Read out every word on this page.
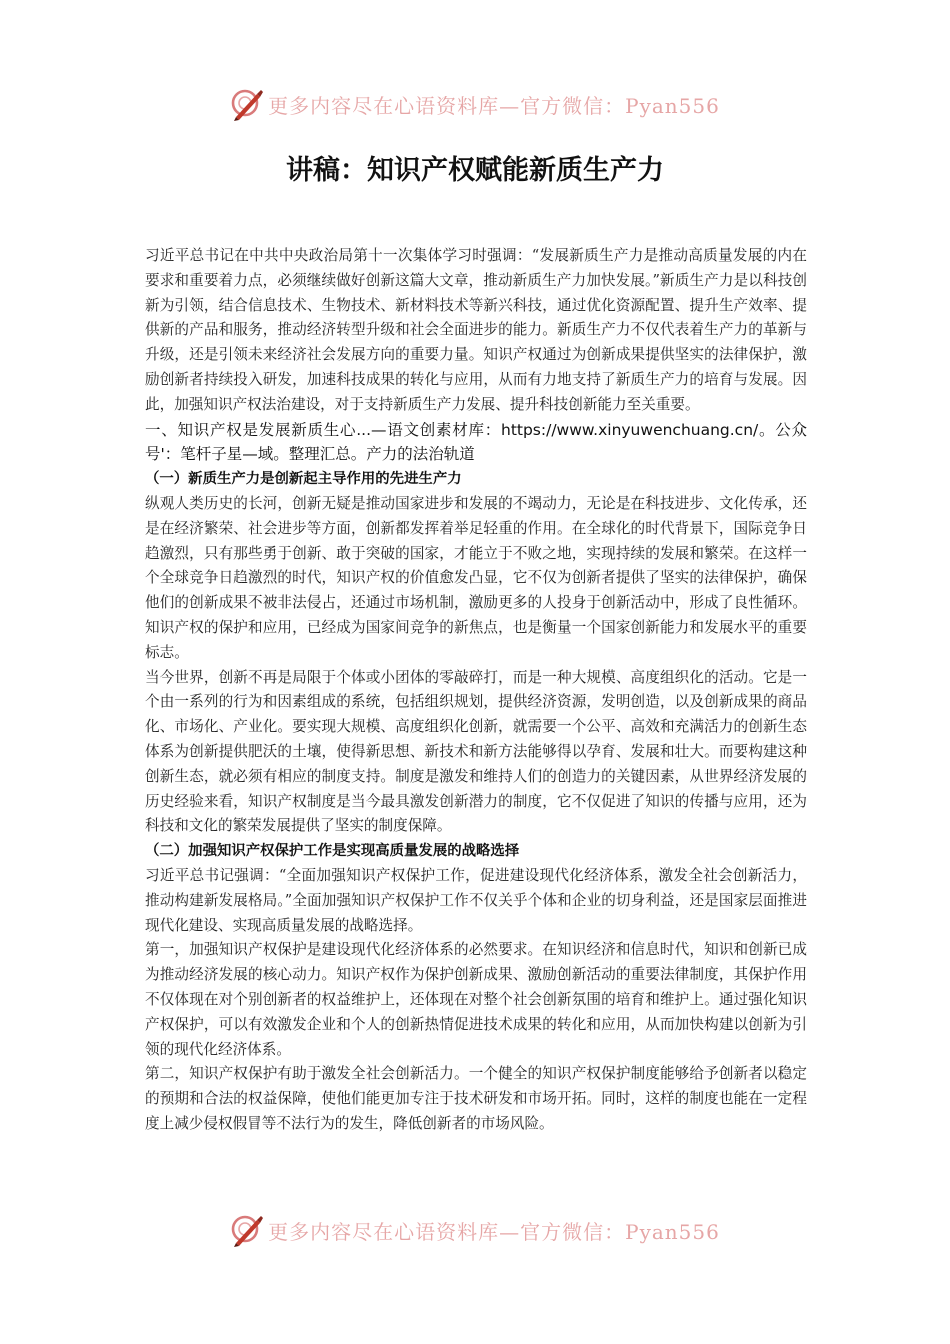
更多内容尽在心语资料库—官方微信：Pyan556
讲稿：知识产权赋能新质生产力

习近平总书记在中共中央政治局第十一次集体学习时强调：“发展新质生产力是推动高质量发展的内在要求和重要着力点，必须继续做好创新这篇大文章，推动新质生产力加快发展。”新质生产力是以科技创新为引领，结合信息技术、生物技术、新材料技术等新兴科技，通过优化资源配置、提升生产效率、提供新的产品和服务，推动经济转型升级和社会全面进步的能力。新质生产力不仅代表着生产力的革新与升级，还是引领未来经济社会发展方向的重要力量。知识产权通过为创新成果提供坚实的法律保护，激励创新者持续投入研发，加速科技成果的转化与应用，从而有力地支持了新质生产力的培育与发展。因此，加强知识产权法治建设，对于支持新质生产力发展、提升科技创新能力至关重要。

一、知识产权是发展新质生心...—语文创素材库：https://www.xinyuwenchuang.cn/。公众号'：笔杆子星—域。整理汇总。产力的法治轨道

（一）新质生产力是创新起主导作用的先进生产力

纵观人类历史的长河，创新无疑是推动国家进步和发展的不竭动力，无论是在科技进步、文化传承，还是在经济繁荣、社会进步等方面，创新都发挥着举足轻重的作用。在全球化的时代背景下，国际竞争日趋激烈，只有那些勇于创新、敢于突破的国家，才能立于不败之地，实现持续的发展和繁荣。在这样一个全球竞争日趋激烈的时代，知识产权的价值愈发凸显，它不仅为创新者提供了坚实的法律保护，确保他们的创新成果不被非法侵占，还通过市场机制，激励更多的人投身于创新活动中，形成了良性循环。知识产权的保护和应用，已经成为国家间竞争的新焦点，也是衡量一个国家创新能力和发展水平的重要标志。

当今世界，创新不再是局限于个体或小团体的零敲碎打，而是一种大规模、高度组织化的活动。它是一个由一系列的行为和因素组成的系统，包括组织规划，提供经济资源，发明创造，以及创新成果的商品化、市场化、产业化。要实现大规模、高度组织化创新，就需要一个公平、高效和充满活力的创新生态体系为创新提供肥沃的土壤，使得新思想、新技术和新方法能够得以孕育、发展和壮大。而要构建这种创新生态，就必须有相应的制度支持。制度是激发和维持人们的创造力的关键因素，从世界经济发展的历史经验来看，知识产权制度是当今最具激发创新潜力的制度，它不仅促进了知识的传播与应用，还为科技和文化的繁荣发展提供了坚实的制度保障。

（二）加强知识产权保护工作是实现高质量发展的战略选择

习近平总书记强调：“全面加强知识产权保护工作，促进建设现代化经济体系，激发全社会创新活力，推动构建新发展格局。”全面加强知识产权保护工作不仅关乎个体和企业的切身利益，还是国家层面推进现代化建设、实现高质量发展的战略选择。

第一，加强知识产权保护是建设现代化经济体系的必然要求。在知识经济和信息时代，知识和创新已成为推动经济发展的核心动力。知识产权作为保护创新成果、激励创新活动的重要法律制度，其保护作用不仅体现在对个别创新者的权益维护上，还体现在对整个社会创新氛围的培育和维护上。通过强化知识产权保护，可以有效激发企业和个人的创新热情促进技术成果的转化和应用，从而加快构建以创新为引领的现代化经济体系。

第二，知识产权保护有助于激发全社会创新活力。一个健全的知识产权保护制度能够给予创新者以稳定的预期和合法的权益保障，使他们能更加专注于技术研发和市场开拓。同时，这样的制度也能在一定程度上减少侵权假冒等不法行为的发生，降低创新者的市场风险。

更多内容尽在心语资料库—官方微信：Pyan556
